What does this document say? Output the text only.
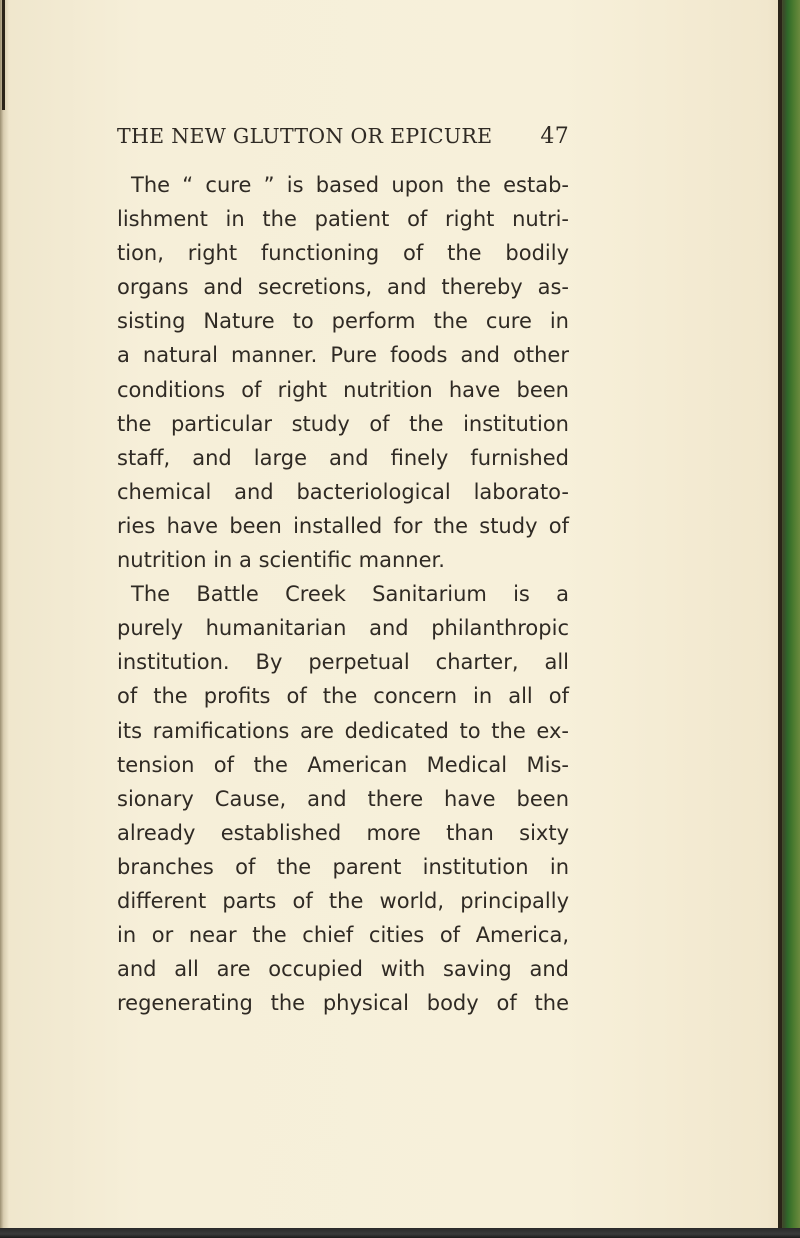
THE NEW GLUTTON OR EPICURE 47
The “ cure ” is based upon the estab-
lishment in the patient of right nutri-
tion, right functioning of the bodily
organs and secretions, and thereby as-
sisting Nature to perform the cure in
a natural manner. Pure foods and other
conditions of right nutrition have been
the particular study of the institution
staff, and large and finely furnished
chemical and bacteriological laborato-
ries have been installed for the study of
nutrition in a scientific manner.
The Battle Creek Sanitarium is a
purely humanitarian and philanthropic
institution. By perpetual charter, all
of the profits of the concern in all of
its ramifications are dedicated to the ex-
tension of the American Medical Mis-
sionary Cause, and there have been
already established more than sixty
branches of the parent institution in
different parts of the world, principally
in or near the chief cities of America,
and all are occupied with saving and
regenerating the physical body of the
